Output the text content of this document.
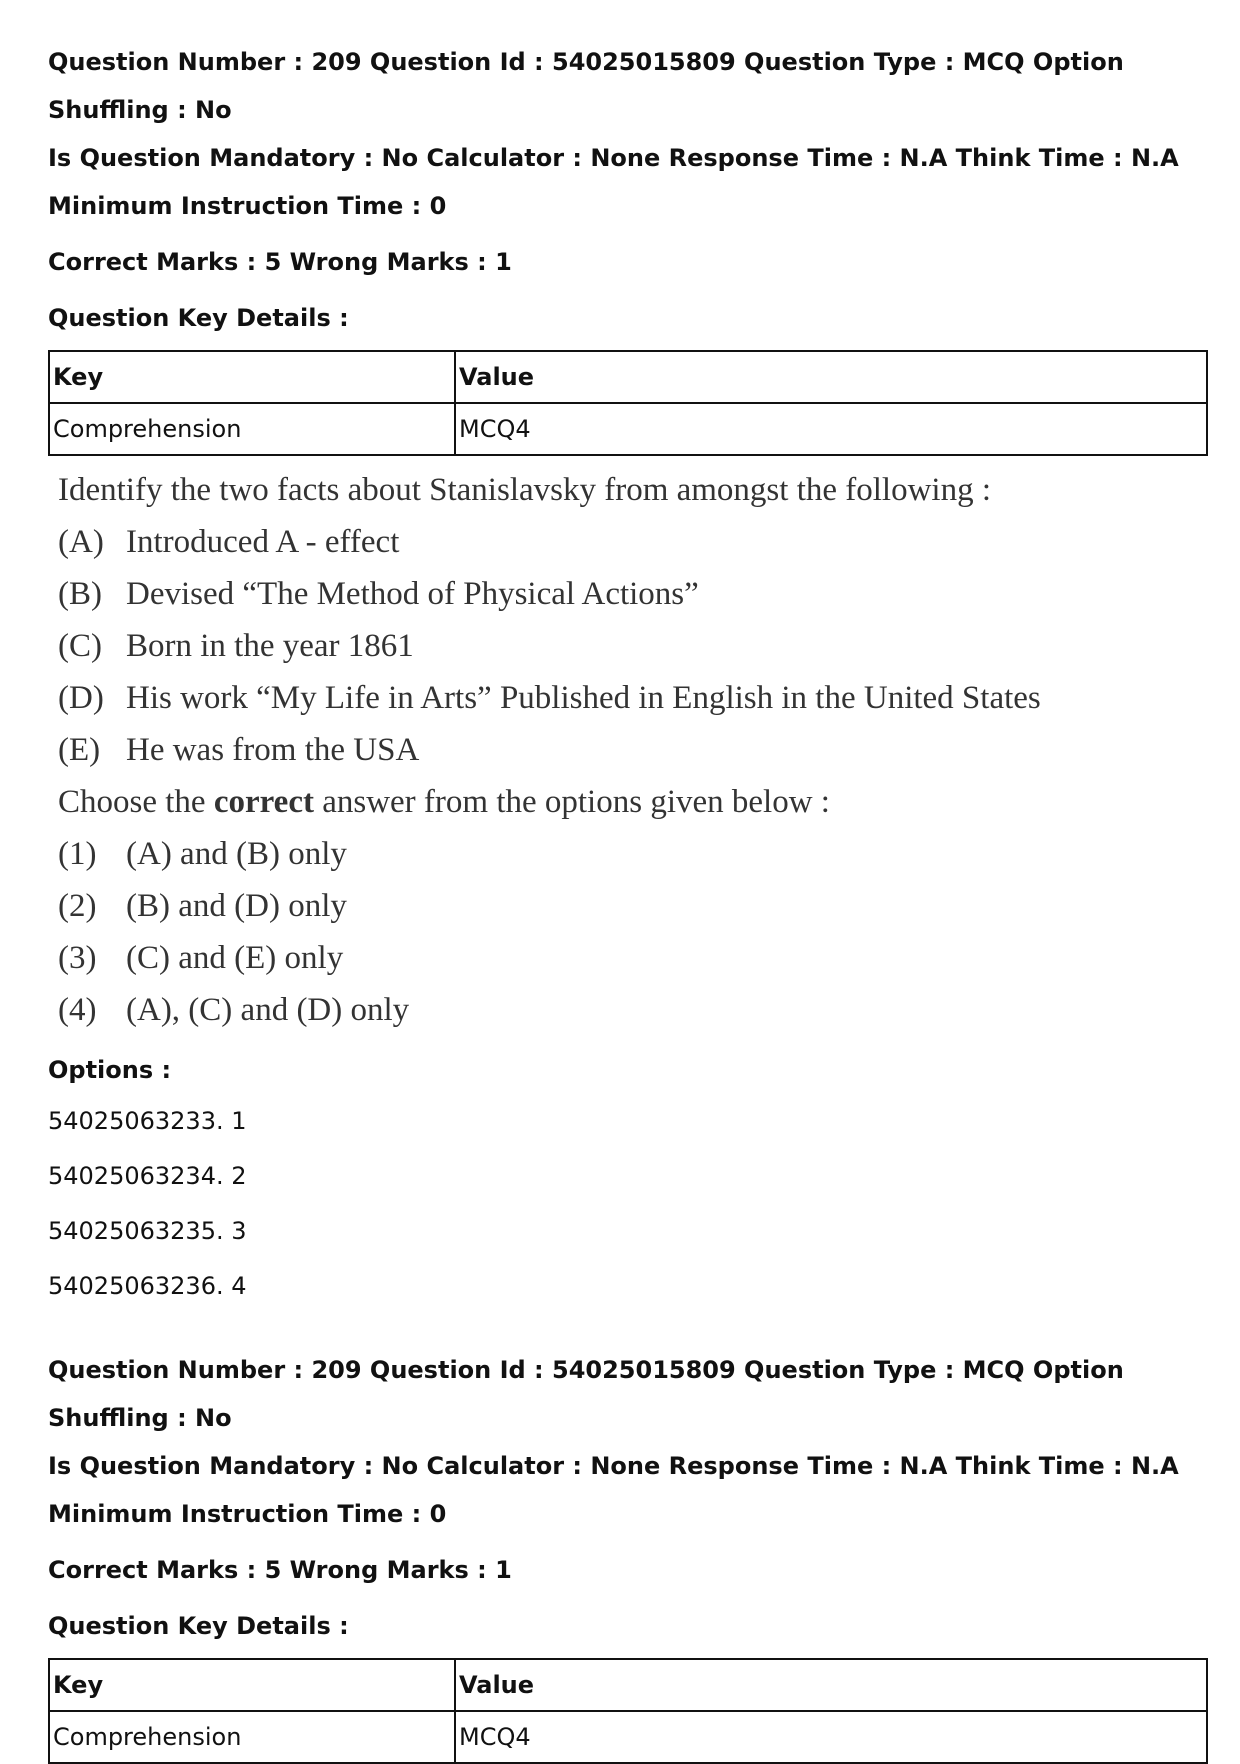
Question Number : 209 Question Id : 54025015809 Question Type : MCQ Option Shuffling : No

Is Question Mandatory : No Calculator : None Response Time : N.A Think Time : N.A

Minimum Instruction Time : 0

Correct Marks : 5 Wrong Marks : 1

Question Key Details :

Key	Value
Comprehension	MCQ4

Identify the two facts about Stanislavsky from amongst the following :

(A) Introduced A - effect
(B) Devised “The Method of Physical Actions”
(C) Born in the year 1861
(D) His work “My Life in Arts” Published in English in the United States
(E) He was from the USA
Choose the correct answer from the options given below :
(1) (A) and (B) only
(2) (B) and (D) only
(3) (C) and (E) only
(4) (A), (C) and (D) only
Options :
54025063233. 1
54025063234. 2
54025063235. 3
54025063236. 4

Question Number : 209 Question Id : 54025015809 Question Type : MCQ Option Shuffling : No

Is Question Mandatory : No Calculator : None Response Time : N.A Think Time : N.A

Minimum Instruction Time : 0

Correct Marks : 5 Wrong Marks : 1

Question Key Details :

Key	Value
Comprehension	MCQ4
